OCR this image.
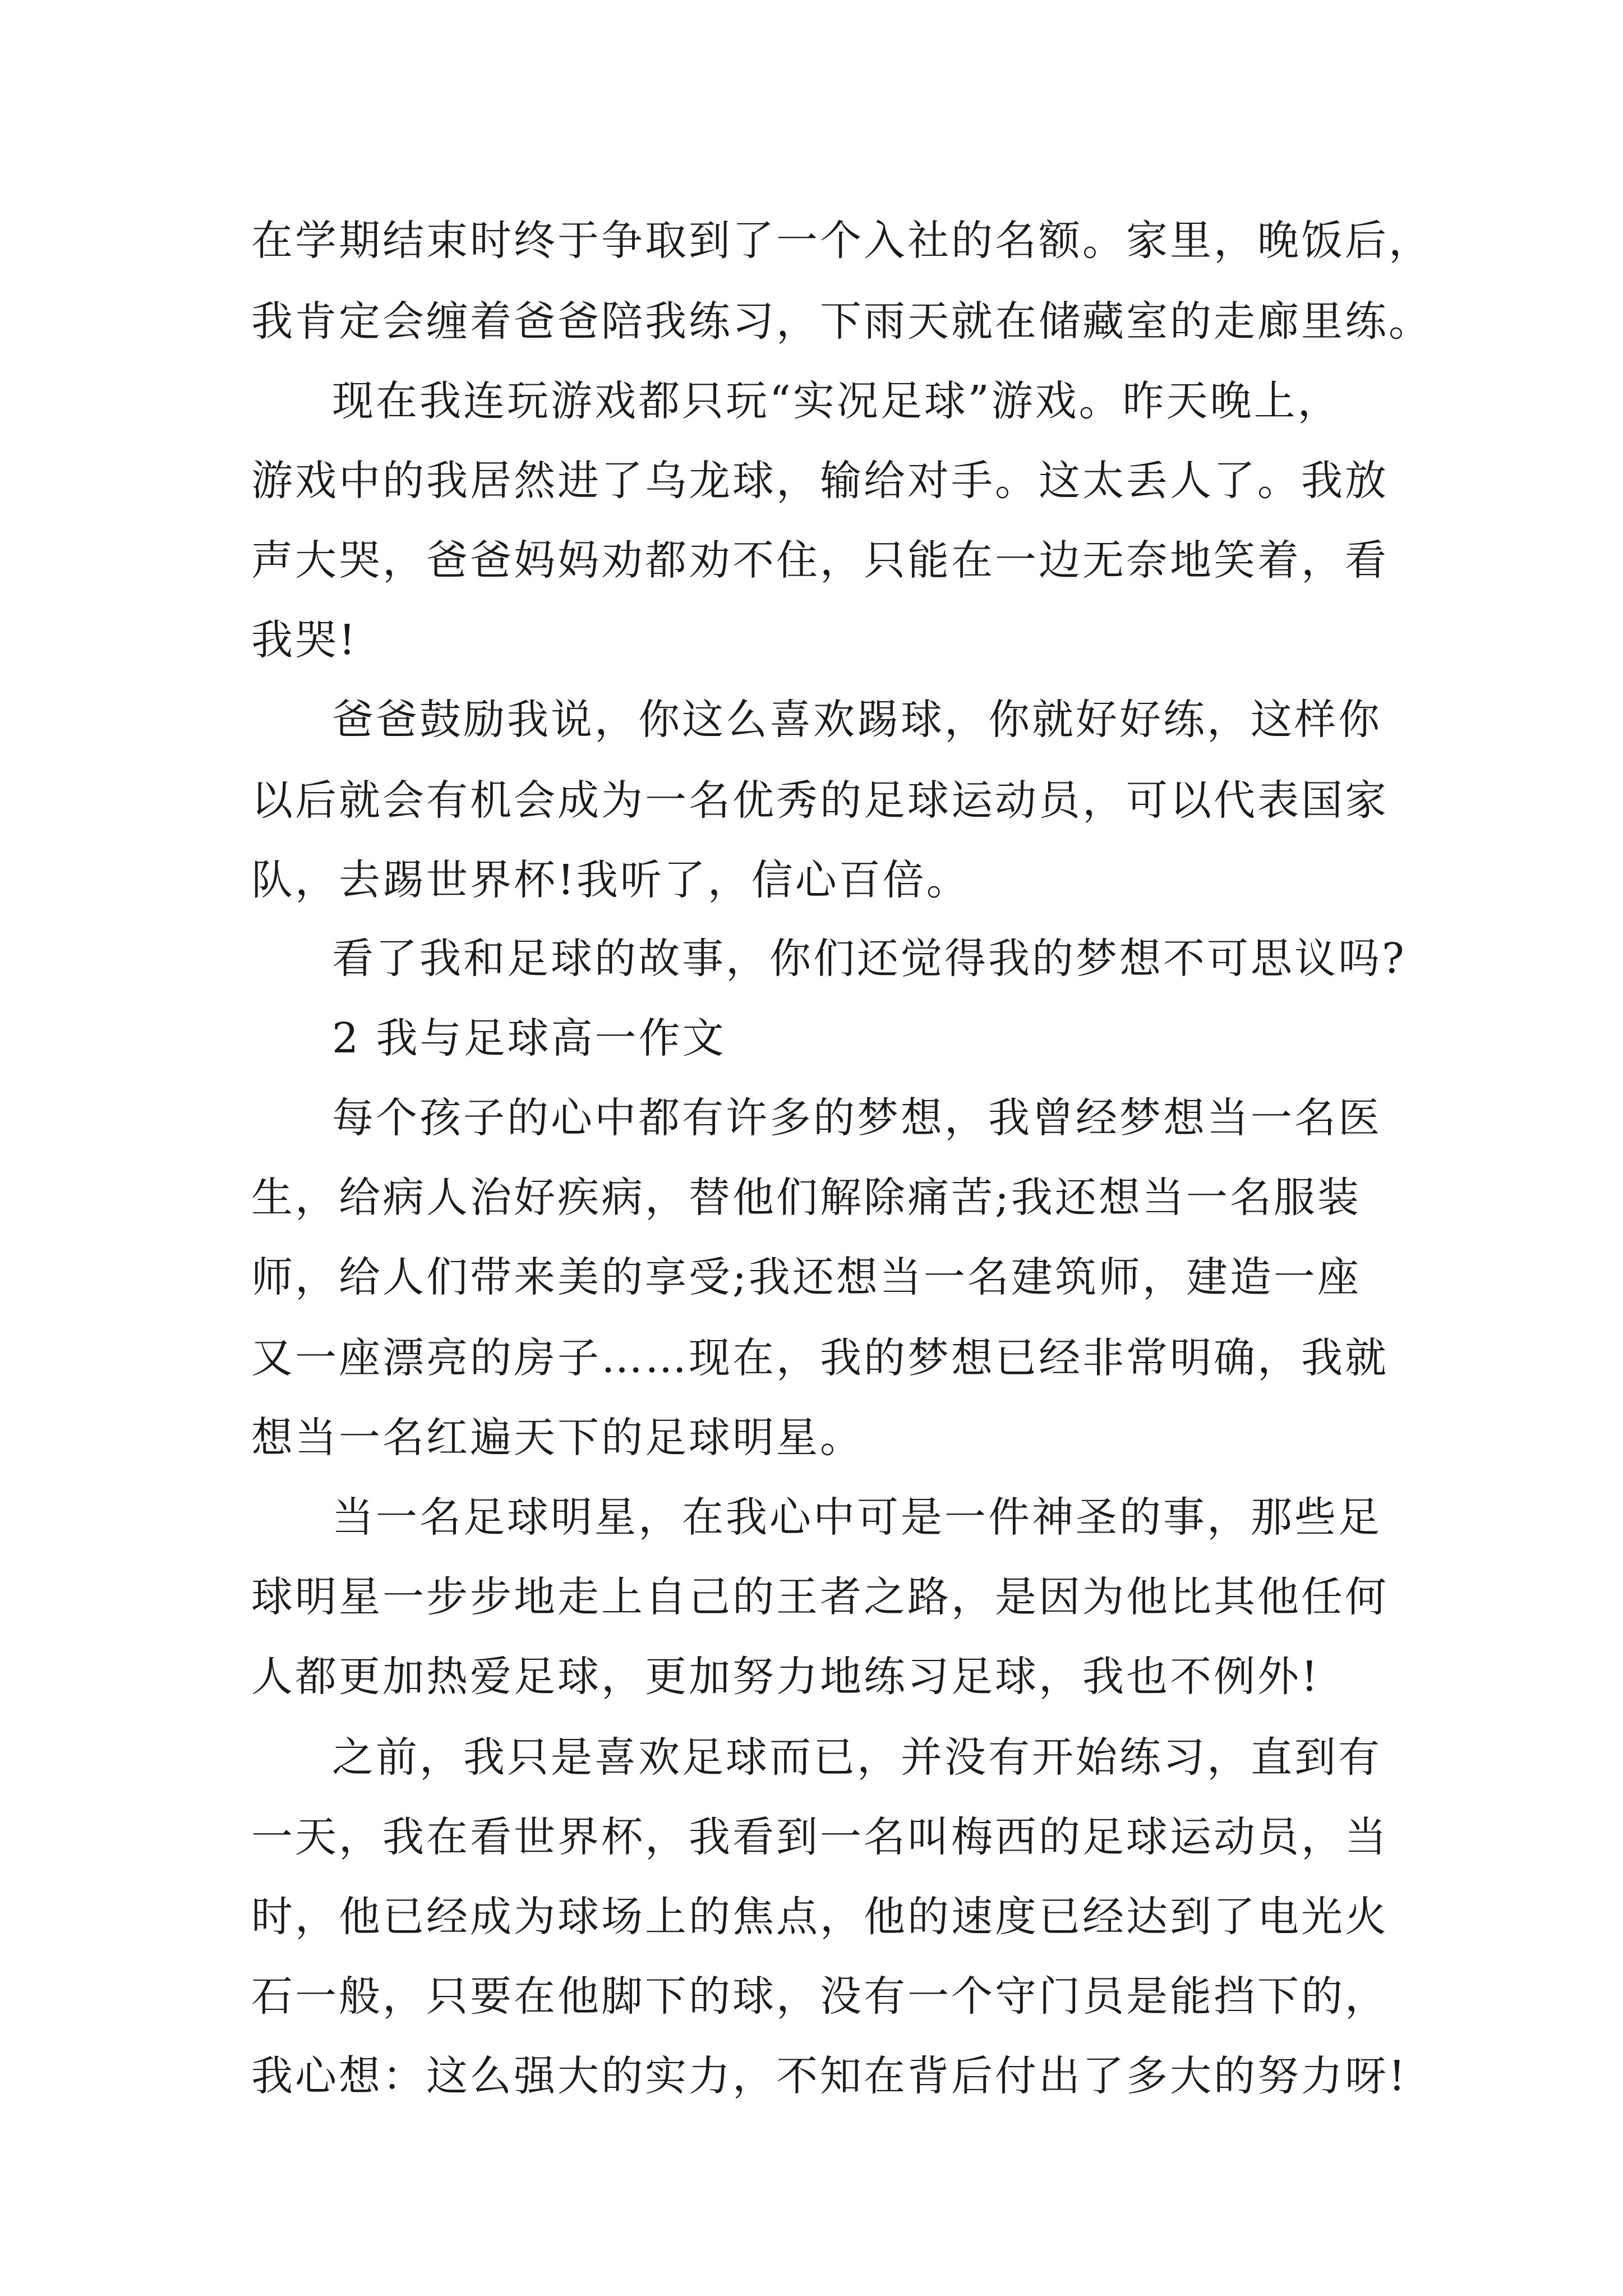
在学期结束时终于争取到了一个入社的名额。家里，晚饭后，
我肯定会缠着爸爸陪我练习，下雨天就在储藏室的走廊里练。
现在我连玩游戏都只玩“实况足球”游戏。昨天晚上，
游戏中的我居然进了乌龙球，输给对手。这太丢人了。我放
声大哭，爸爸妈妈劝都劝不住，只能在一边无奈地笑着，看
我哭!
爸爸鼓励我说，你这么喜欢踢球，你就好好练，这样你
以后就会有机会成为一名优秀的足球运动员，可以代表国家
队，去踢世界杯!我听了，信心百倍。
看了我和足球的故事，你们还觉得我的梦想不可思议吗?
2 我与足球高一作文
每个孩子的心中都有许多的梦想，我曾经梦想当一名医
生，给病人治好疾病，替他们解除痛苦;我还想当一名服装
师，给人们带来美的享受;我还想当一名建筑师，建造一座
又一座漂亮的房子……现在，我的梦想已经非常明确，我就
想当一名红遍天下的足球明星。
当一名足球明星，在我心中可是一件神圣的事，那些足
球明星一步步地走上自己的王者之路，是因为他比其他任何
人都更加热爱足球，更加努力地练习足球，我也不例外!
之前，我只是喜欢足球而已，并没有开始练习，直到有
一天，我在看世界杯，我看到一名叫梅西的足球运动员，当
时，他已经成为球场上的焦点，他的速度已经达到了电光火
石一般，只要在他脚下的球，没有一个守门员是能挡下的，
我心想：这么强大的实力，不知在背后付出了多大的努力呀!
